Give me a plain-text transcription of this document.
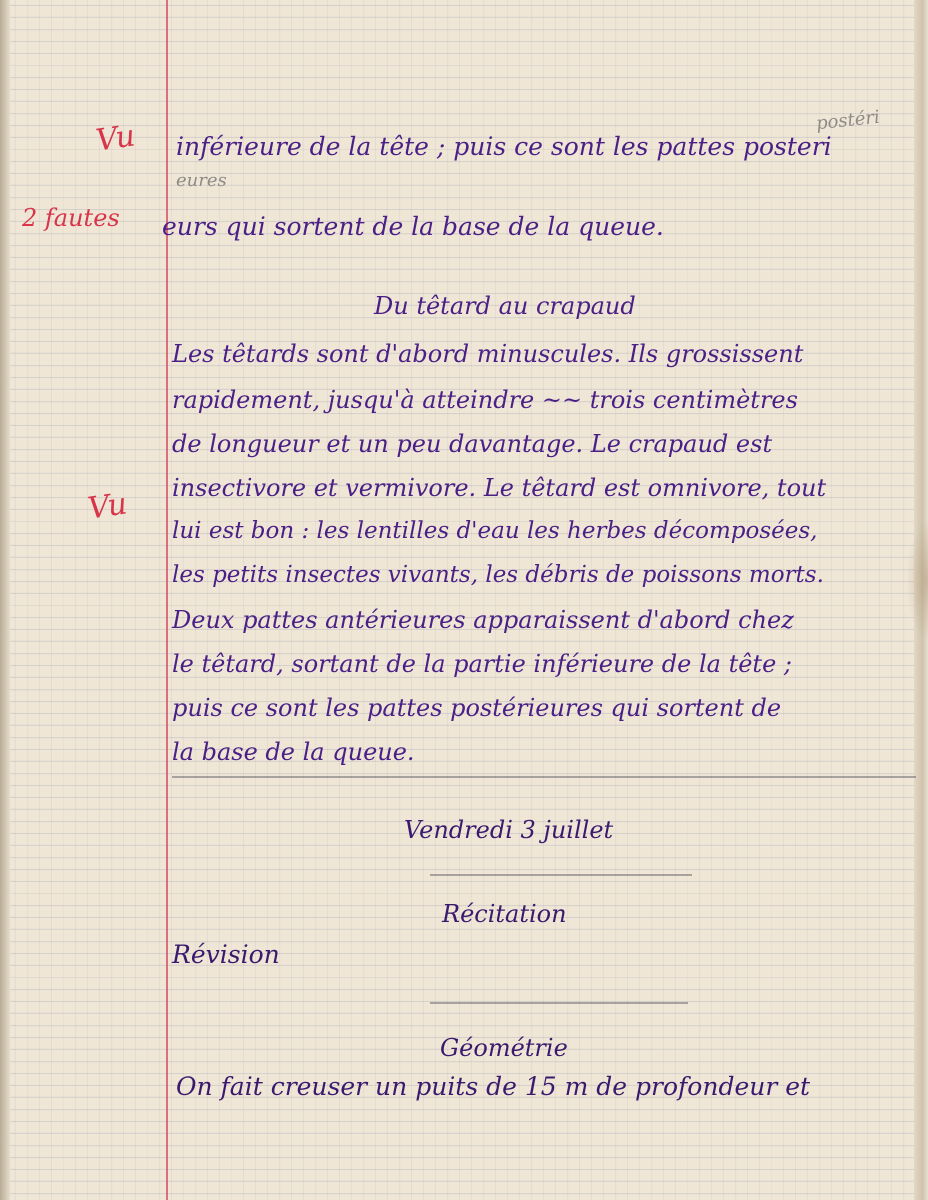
Vu

2 fautes

Vu

postéri

eures

inférieure de la tête ; puis ce sont les pattes posteri

eurs qui sortent de la base de la queue.

Du têtard au crapaud

Les têtards sont d'abord minuscules. Ils grossissent

rapidement, jusqu'à atteindre ~~ trois centimètres

de longueur et un peu davantage. Le crapaud est

insectivore et vermivore. Le têtard est omnivore, tout

lui est bon : les lentilles d'eau les herbes décomposées,

les petits insectes vivants, les débris de poissons morts.

Deux pattes antérieures apparaissent d'abord chez

le têtard, sortant de la partie inférieure de la tête ;

puis ce sont les pattes postérieures qui sortent de

la base de la queue.

Vendredi 3 juillet

Récitation

Révision

Géométrie

On fait creuser un puits de 15 m de profondeur et
